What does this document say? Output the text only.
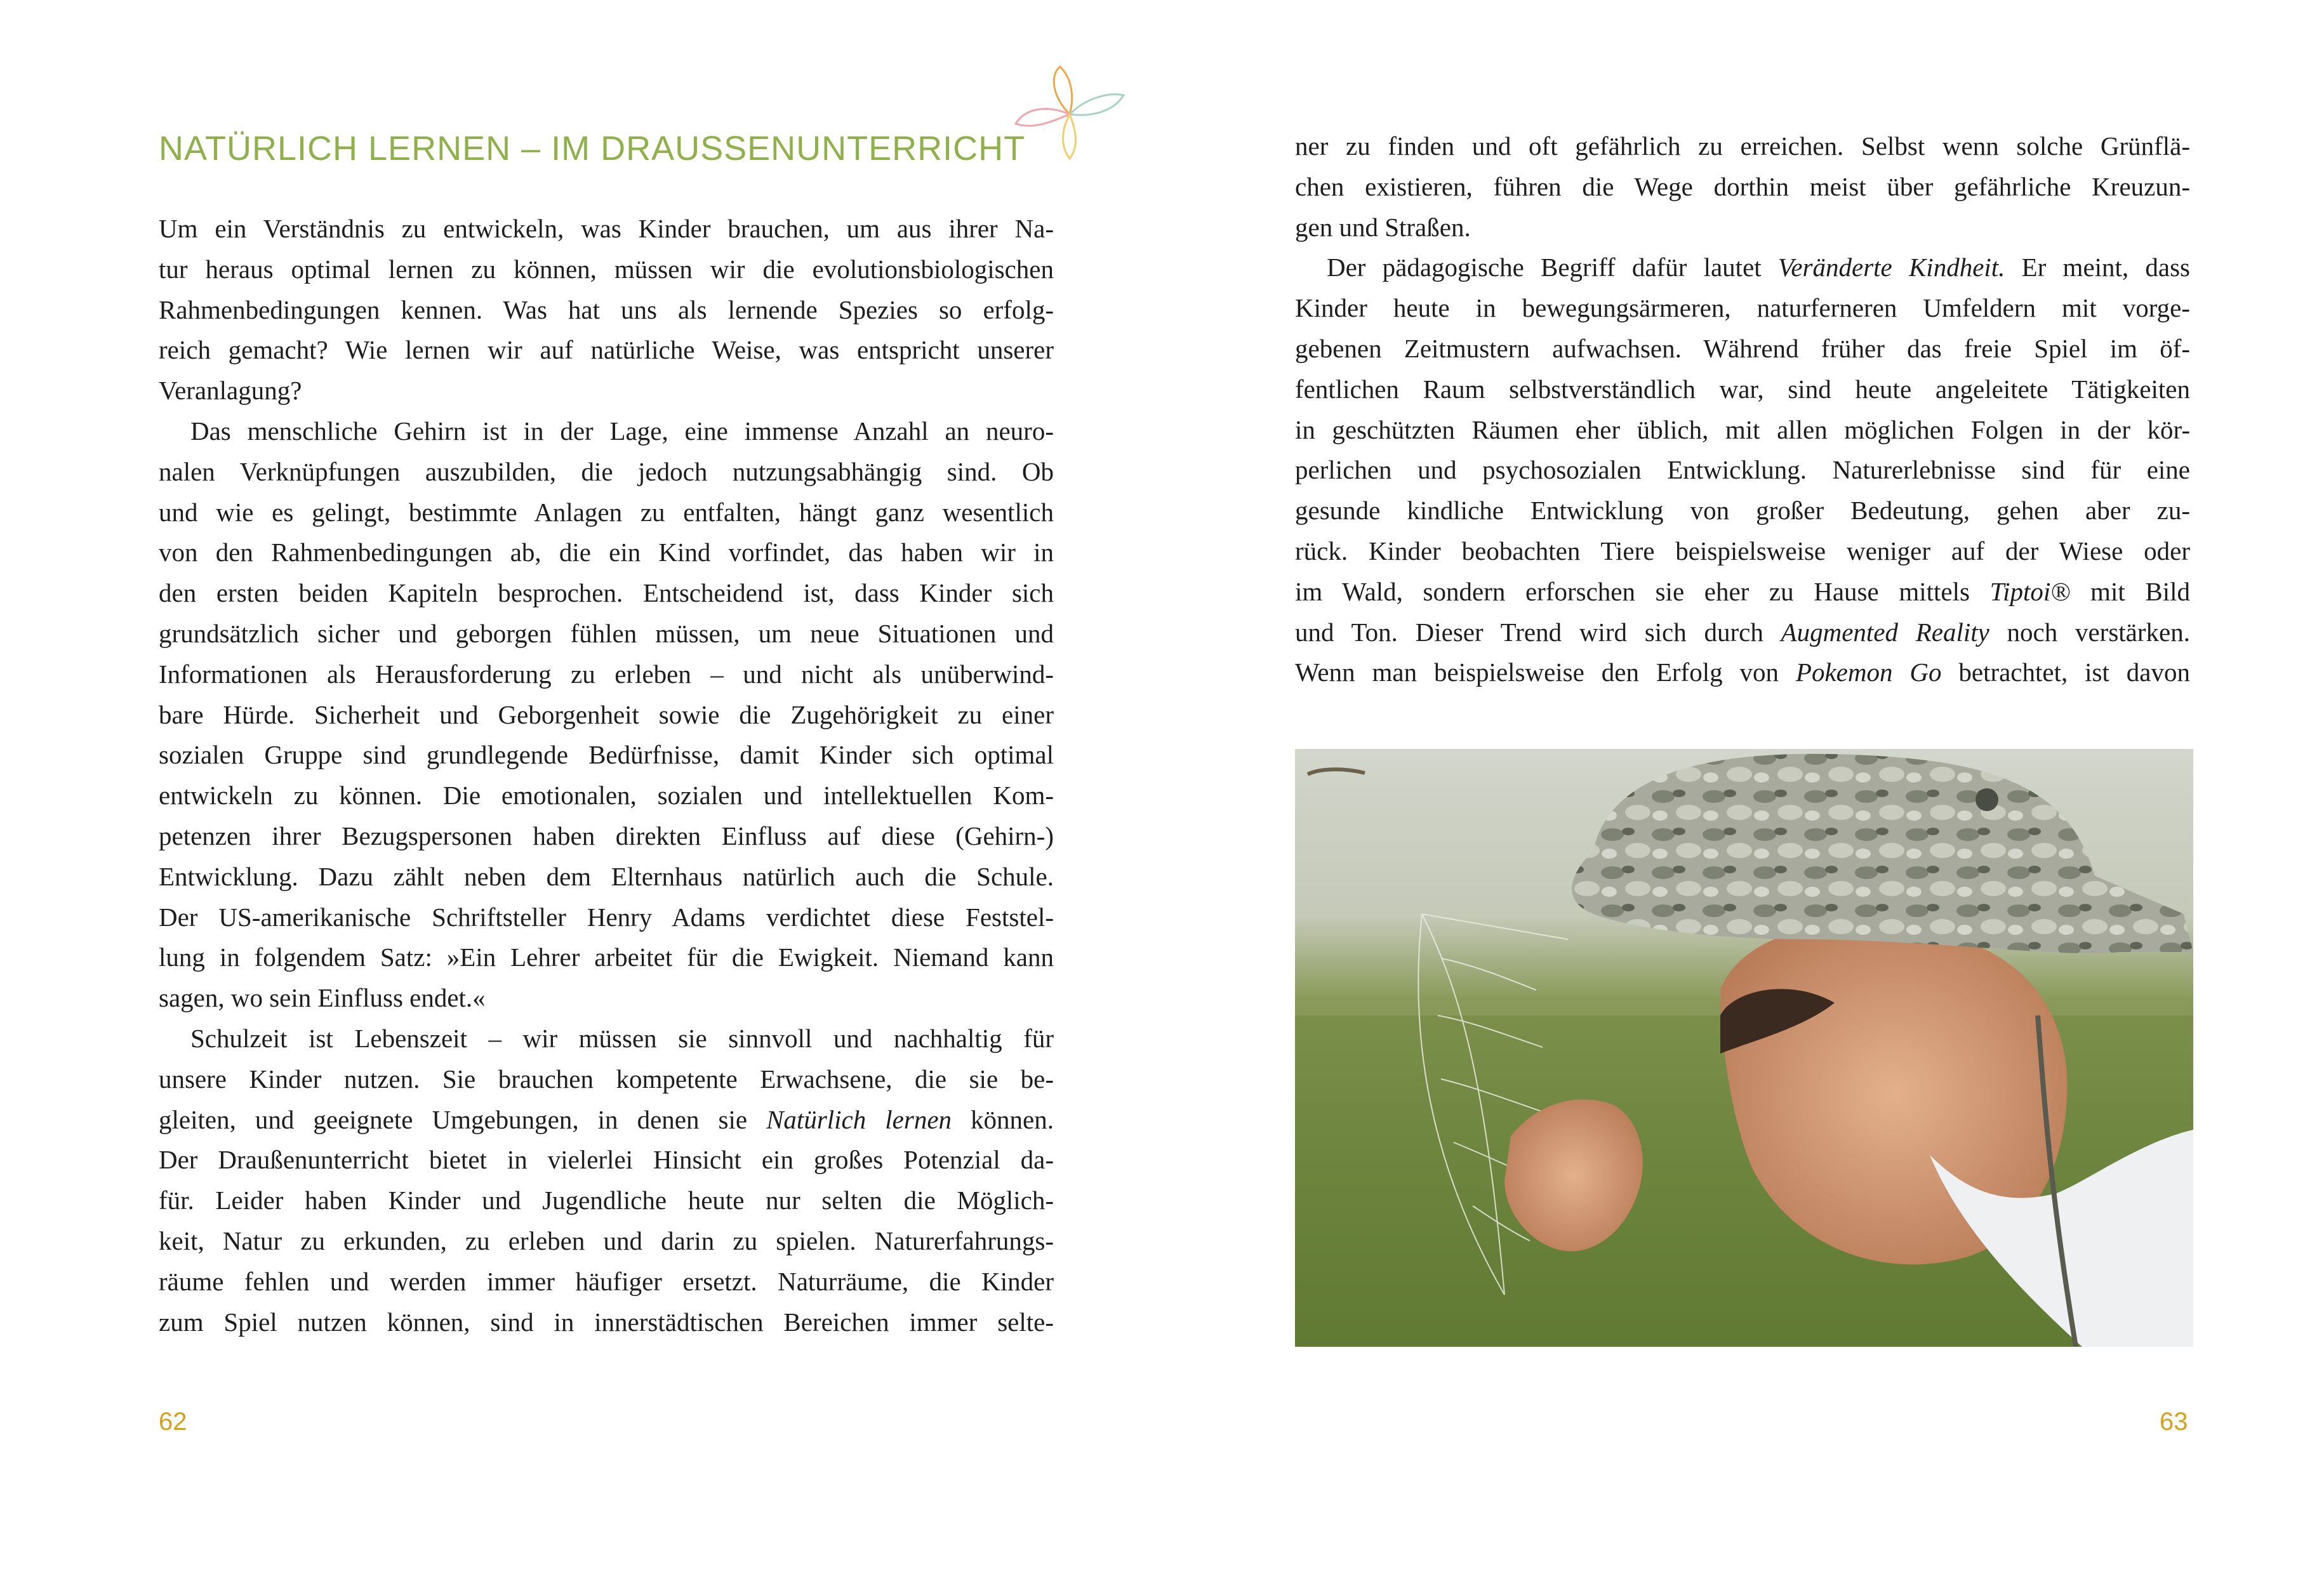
NATÜRLICH LERNEN – IM DRAUSSENUNTERRICHT
Um ein Verständnis zu entwickeln, was Kinder brauchen, um aus ihrer Na-
tur heraus optimal lernen zu können, müssen wir die evolutionsbiologischen
Rahmenbedingungen kennen. Was hat uns als lernende Spezies so erfolg-
reich gemacht? Wie lernen wir auf natürliche Weise, was entspricht unserer
Veranlagung?
Das menschliche Gehirn ist in der Lage, eine immense Anzahl an neuro-
nalen Verknüpfungen auszubilden, die jedoch nutzungsabhängig sind. Ob
und wie es gelingt, bestimmte Anlagen zu entfalten, hängt ganz wesentlich
von den Rahmenbedingungen ab, die ein Kind vorfindet, das haben wir in
den ersten beiden Kapiteln besprochen. Entscheidend ist, dass Kinder sich
grundsätzlich sicher und geborgen fühlen müssen, um neue Situationen und
Informationen als Herausforderung zu erleben – und nicht als unüberwind-
bare Hürde. Sicherheit und Geborgenheit sowie die Zugehörigkeit zu einer
sozialen Gruppe sind grundlegende Bedürfnisse, damit Kinder sich optimal
entwickeln zu können. Die emotionalen, sozialen und intellektuellen Kom-
petenzen ihrer Bezugspersonen haben direkten Einfluss auf diese (Gehirn-)
Entwicklung. Dazu zählt neben dem Elternhaus natürlich auch die Schule.
Der US-amerikanische Schriftsteller Henry Adams verdichtet diese Feststel-
lung in folgendem Satz: »Ein Lehrer arbeitet für die Ewigkeit. Niemand kann
sagen, wo sein Einfluss endet.«
Schulzeit ist Lebenszeit – wir müssen sie sinnvoll und nachhaltig für
unsere Kinder nutzen. Sie brauchen kompetente Erwachsene, die sie be-
gleiten, und geeignete Umgebungen, in denen sie Natürlich lernen können.
Der Draußenunterricht bietet in vielerlei Hinsicht ein großes Potenzial da-
für. Leider haben Kinder und Jugendliche heute nur selten die Möglich-
keit, Natur zu erkunden, zu erleben und darin zu spielen. Naturerfahrungs-
räume fehlen und werden immer häufiger ersetzt. Naturräume, die Kinder
zum Spiel nutzen können, sind in innerstädtischen Bereichen immer selte-
62
ner zu finden und oft gefährlich zu erreichen. Selbst wenn solche Grünflä-
chen existieren, führen die Wege dorthin meist über gefährliche Kreuzun-
gen und Straßen.
Der pädagogische Begriff dafür lautet Veränderte Kindheit. Er meint, dass
Kinder heute in bewegungsärmeren, naturferneren Umfeldern mit vorge-
gebenen Zeitmustern aufwachsen. Während früher das freie Spiel im öf-
fentlichen Raum selbstverständlich war, sind heute angeleitete Tätigkeiten
in geschützten Räumen eher üblich, mit allen möglichen Folgen in der kör-
perlichen und psychosozialen Entwicklung. Naturerlebnisse sind für eine
gesunde kindliche Entwicklung von großer Bedeutung, gehen aber zu-
rück. Kinder beobachten Tiere beispielsweise weniger auf der Wiese oder
im Wald, sondern erforschen sie eher zu Hause mittels Tiptoi® mit Bild
und Ton. Dieser Trend wird sich durch Augmented Reality noch verstärken.
Wenn man beispielsweise den Erfolg von Pokemon Go betrachtet, ist davon
63
